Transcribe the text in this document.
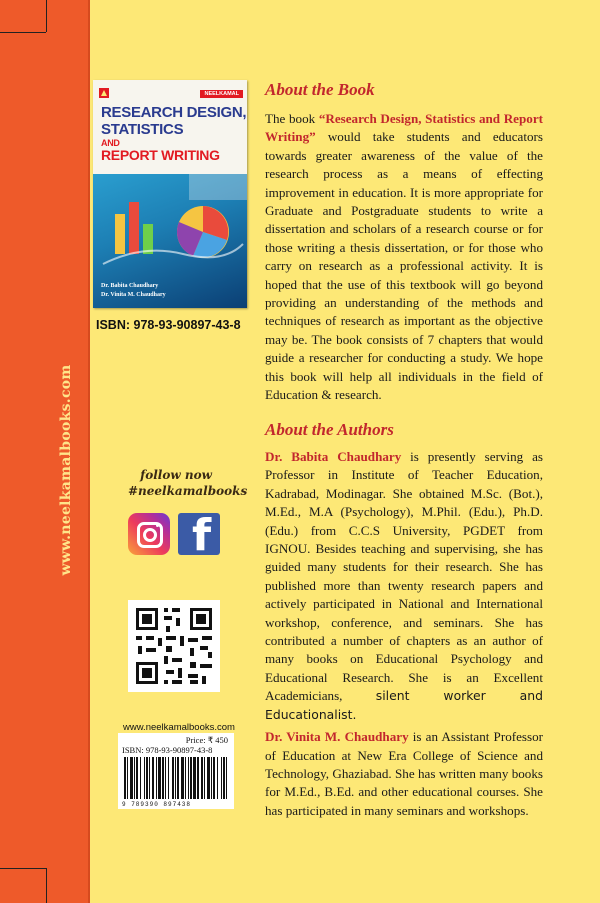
www.neelkamalbooks.com
NEELKAMAL
RESEARCH DESIGN,
STATISTICS
AND
REPORT WRITING
Dr. Babita Chaudhary
Dr. Vinita M. Chaudhary
ISBN: 978-93-90897-43-8
follow now
#neelkamalbooks
f
www.neelkamalbooks.com
Price: ₹ 450
ISBN: 978-93-90897-43-8
9 789390 897438
About the Book

The book “Research Design, Statistics and Report Writing” would take students and educators towards greater awareness of the value of the research process as a means of effecting improvement in education. It is more appropriate for Graduate and Postgraduate students to write a dissertation and scholars of a research course or for those writing a thesis dissertation, or for those who carry on research as a professional activity. It is hoped that the use of this textbook will go beyond providing an understanding of the methods and techniques of research as important as the objective may be. The book consists of 7 chapters that would guide a researcher for conducting a study. We hope this book will help all individuals in the field of Education & research.

About the Authors

Dr. Babita Chaudhary is presently serving as Professor in Institute of Teacher Education, Kadrabad, Modinagar. She obtained M.Sc. (Bot.), M.Ed., M.A (Psychology), M.Phil. (Edu.), Ph.D. (Edu.) from C.C.S University, PGDET from IGNOU. Besides teaching and supervising, she has guided many students for their research. She has published more than twenty research papers and actively participated in National and International workshop, conference, and seminars. She has contributed a number of chapters as an author of many books on Educational Psychology and Educational Research. She is an Excellent Academicians, silent worker and Educationalist.

Dr. Vinita M. Chaudhary is an Assistant Professor of Education at New Era College of Science and Technology, Ghaziabad. She has written many books for M.Ed., B.Ed. and other educational courses. She has participated in many seminars and workshops.
